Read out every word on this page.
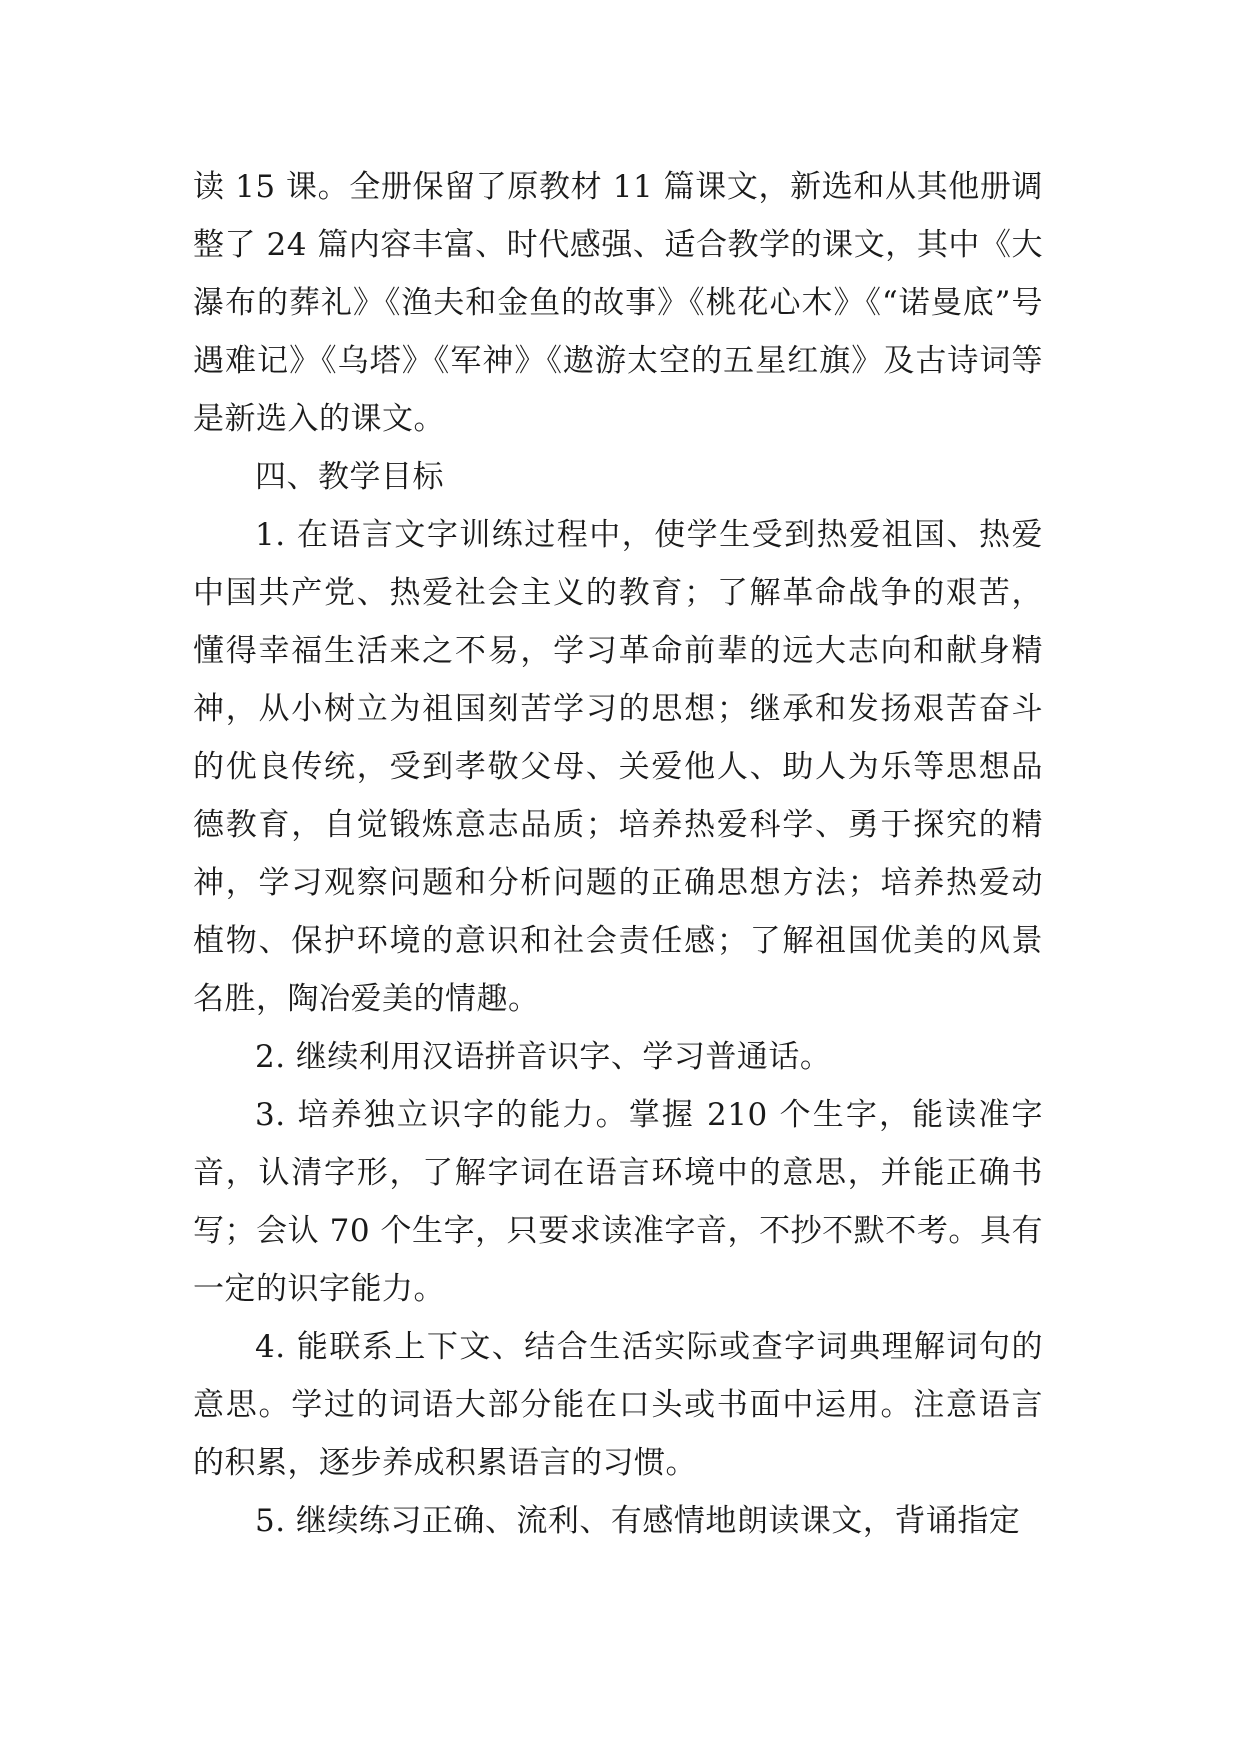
读 15 课。全册保留了原教材 11 篇课文，新选和从其他册调整了 24 篇内容丰富、时代感强、适合教学的课文，其中《大瀑布的葬礼》《渔夫和金鱼的故事》《桃花心木》《“诺曼底”号遇难记》《乌塔》《军神》《遨游太空的五星红旗》及古诗词等是新选入的课文。

四、教学目标

1. 在语言文字训练过程中，使学生受到热爱祖国、热爱中国共产党、热爱社会主义的教育；了解革命战争的艰苦，懂得幸福生活来之不易，学习革命前辈的远大志向和献身精神，从小树立为祖国刻苦学习的思想；继承和发扬艰苦奋斗的优良传统，受到孝敬父母、关爱他人、助人为乐等思想品德教育，自觉锻炼意志品质；培养热爱科学、勇于探究的精神，学习观察问题和分析问题的正确思想方法；培养热爱动植物、保护环境的意识和社会责任感；了解祖国优美的风景名胜，陶冶爱美的情趣。

2. 继续利用汉语拼音识字、学习普通话。

3. 培养独立识字的能力。掌握 210 个生字，能读准字音，认清字形，了解字词在语言环境中的意思，并能正确书写；会认 70 个生字，只要求读准字音，不抄不默不考。具有一定的识字能力。

4. 能联系上下文、结合生活实际或查字词典理解词句的意思。学过的词语大部分能在口头或书面中运用。注意语言的积累，逐步养成积累语言的习惯。

5. 继续练习正确、流利、有感情地朗读课文，背诵指定
